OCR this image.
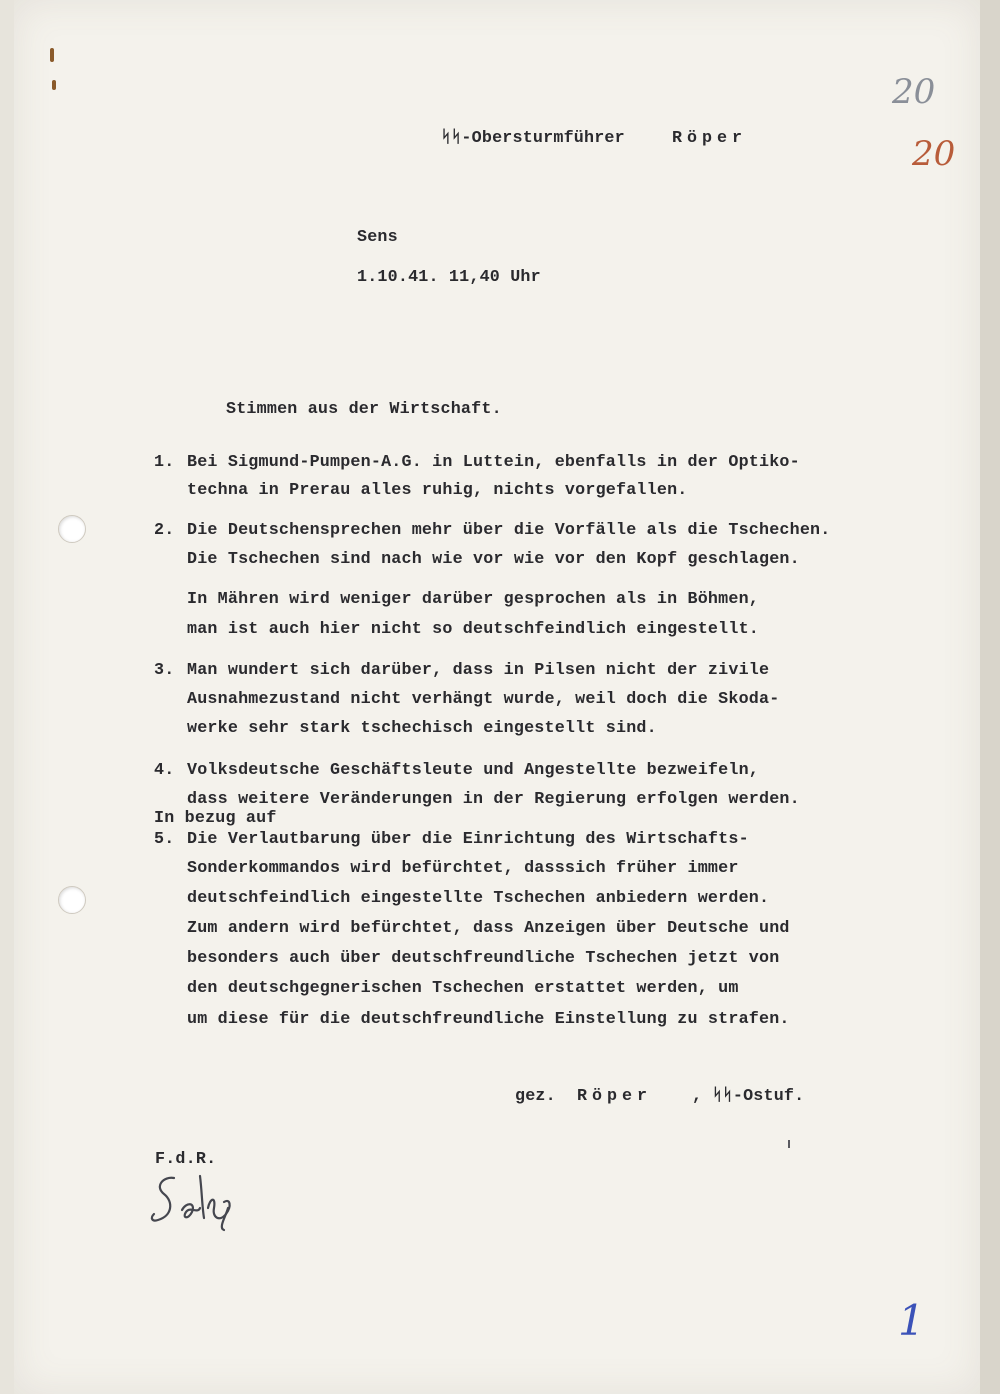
20
20
1
ᛋᛋ-Obersturmführer	Röper
Sens
1.10.41. 11,40 Uhr
Stimmen aus der Wirtschaft.
1. Bei Sigmund-Pumpen-A.G. in Luttein, ebenfalls in der Optiko-
techna in Prerau alles ruhig, nichts vorgefallen.
2. Die Deutschensprechen mehr über die Vorfälle als die Tschechen.
Die Tschechen sind nach wie vor wie vor den Kopf geschlagen.
In Mähren wird weniger darüber gesprochen als in Böhmen,
man ist auch hier nicht so deutschfeindlich eingestellt.
3. Man wundert sich darüber, dass in Pilsen nicht der zivile
Ausnahmezustand nicht verhängt wurde, weil doch die Skoda-
werke sehr stark tschechisch eingestellt sind.
4. Volksdeutsche Geschäftsleute und Angestellte bezweifeln,
dass weitere Veränderungen in der Regierung erfolgen werden.
In bezug auf
5. Die Verlautbarung über die Einrichtung des Wirtschafts-
Sonderkommandos wird befürchtet, dasssich früher immer
deutschfeindlich eingestellte Tschechen anbiedern werden.
Zum andern wird befürchtet, dass Anzeigen über Deutsche und
besonders auch über deutschfreundliche Tschechen jetzt von
den deutschgegnerischen Tschechen erstattet werden, um
um diese für die deutschfreundliche Einstellung zu strafen.
gez. Röper , ᛋᛋ-Ostuf.
F.d.R.
